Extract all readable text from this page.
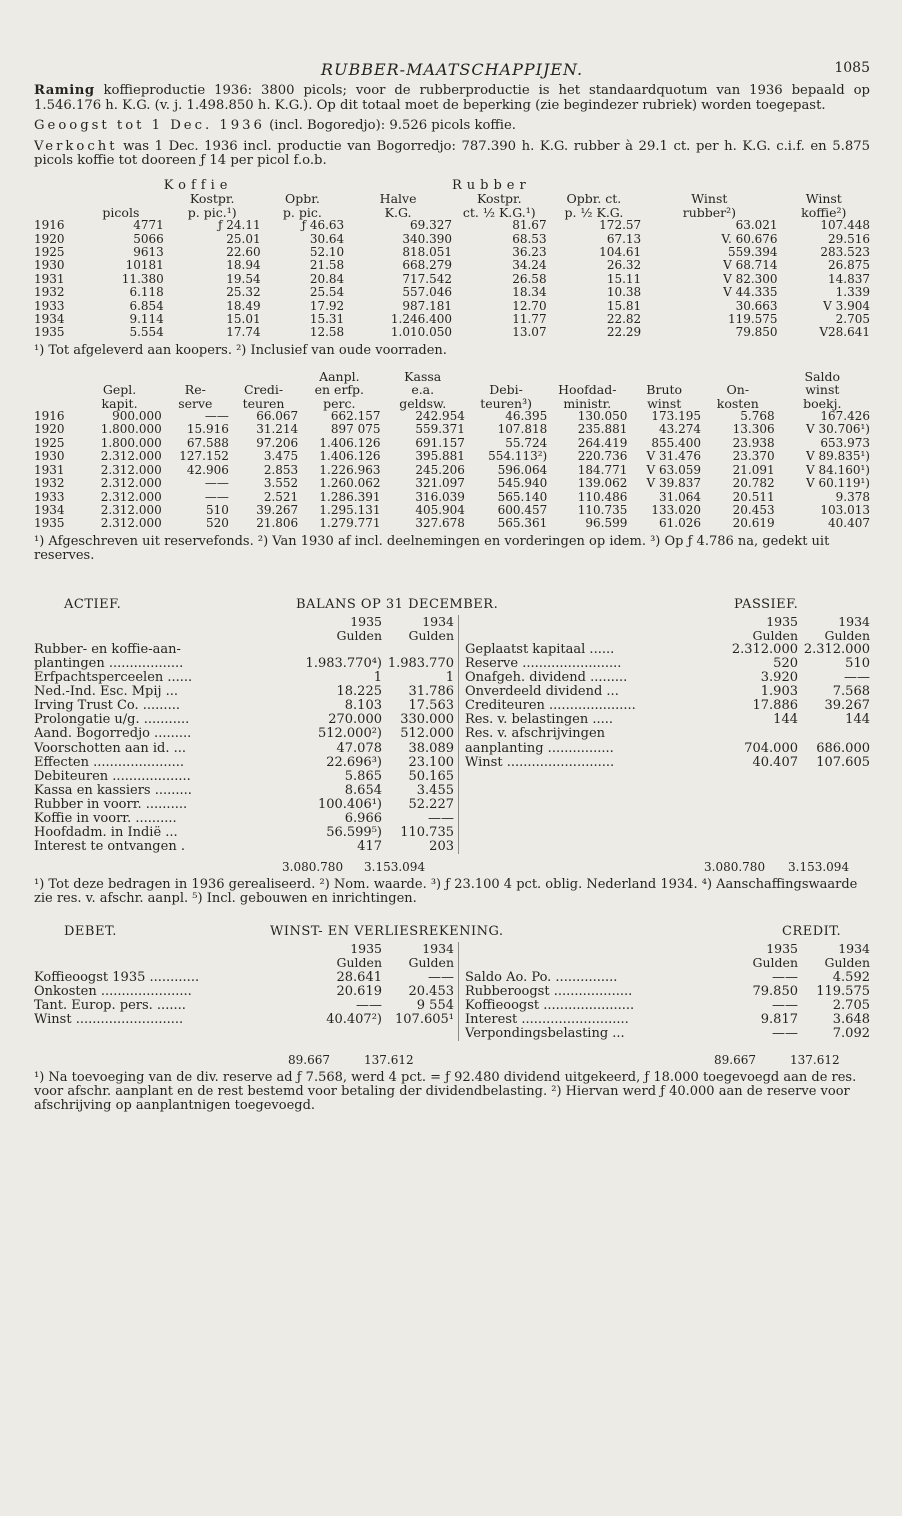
RUBBER-MAATSCHAPPIJEN.	1085

Raming koffieproductie 1936: 3800 picols; voor de rubberproductie is het standaardquotum van 1936 bepaald op 1.546.176 h. K.G. (v. j. 1.498.850 h. K.G.). Op dit totaal moet de beperking (zie begindezer rubriek) worden toegepast.

Geoogst tot 1 Dec. 1936 (incl. Bogoredjo): 9.526 picols koffie.

Verkocht was 1 Dec. 1936 incl. productie van Bogorredjo: 787.390 h. K.G. rubber à 29.1 ct. per h. K.G. c.i.f. en 5.875 picols koffie tot dooreen ƒ 14 per picol f.o.b.

		Koffie			Rubber			
		Kostpr.	Opbr.	Halve	Kostpr.	Opbr. ct.	Winst	Winst
	picols	p. pic.¹)	p. pic.	K.G.	ct. ½ K.G.¹)	p. ½ K.G.	rubber²)	koffie²)
1916	4771	ƒ 24.11	ƒ 46.63	69.327	81.67	172.57	63.021	107.448
1920	5066	25.01	30.64	340.390	68.53	67.13	V. 60.676	29.516
1925	9613	22.60	52.10	818.051	36.23	104.61	559.394	283.523
1930	10181	18.94	21.58	668.279	34.24	26.32	V 68.714	26.875
1931	11.380	19.54	20.84	717.542	26.58	15.11	V 82.300	14.837
1932	6.118	25.32	25.54	557.046	18.34	10.38	V 44.335	1.339
1933	6.854	18.49	17.92	987.181	12.70	15.81	30.663	V 3.904
1934	9.114	15.01	15.31	1.246.400	11.77	22.82	119.575	2.705
1935	5.554	17.74	12.58	1.010.050	13.07	22.29	79.850	V28.641
¹) Tot afgeleverd aan koopers. ²) Inclusief van oude voorraden.
				Aanpl.	Kassa					Saldo
	Gepl.	Re-	Credi-	en erfp.	e.a.	Debi-	Hoofdad-	Bruto	On-	winst
	kapit.	serve	teuren	perc.	geldsw.	teuren³)	ministr.	winst	kosten	boekj.
1916	900.000	——	66.067	662.157	242.954	46.395	130.050	173.195	5.768	167.426
1920	1.800.000	15.916	31.214	897 075	559.371	107.818	235.881	43.274	13.306	V 30.706¹)
1925	1.800.000	67.588	97.206	1.406.126	691.157	55.724	264.419	855.400	23.938	653.973
1930	2.312.000	127.152	3.475	1.406.126	395.881	554.113²)	220.736	V 31.476	23.370	V 89.835¹)
1931	2.312.000	42.906	2.853	1.226.963	245.206	596.064	184.771	V 63.059	21.091	V 84.160¹)
1932	2.312.000	——	3.552	1.260.062	321.097	545.940	139.062	V 39.837	20.782	V 60.119¹)
1933	2.312.000	——	2.521	1.286.391	316.039	565.140	110.486	31.064	20.511	9.378
1934	2.312.000	510	39.267	1.295.131	405.904	600.457	110.735	133.020	20.453	103.013
1935	2.312.000	520	21.806	1.279.771	327.678	565.361	96.599	61.026	20.619	40.407
¹) Afgeschreven uit reservefonds. ²) Van 1930 af incl. deelnemingen en vorderingen op idem. ³) Op ƒ 4.786 na, gedekt uit reserves.
ACTIEF.	BALANS OP 31 DECEMBER.	PASSIEF.
	1935	1934
	Gulden	Gulden
Rubber- en koffie-aan-		
plantingen ..................	1.983.770⁴)	1.983.770
Erfpachtsperceelen ......	1	1
Ned.-Ind. Esc. Mpij ...	18.225	31.786
Irving Trust Co. .........	8.103	17.563
Prolongatie u/g. ...........	270.000	330.000
Aand. Bogorredjo .........	512.000²)	512.000
Voorschotten aan id. ...	47.078	38.089
Effecten ......................	22.696³)	23.100
Debiteuren ...................	5.865	50.165
Kassa en kassiers .........	8.654	3.455
Rubber in voorr. ..........	100.406¹)	52.227
Koffie in voorr. ..........	6.966	——
Hoofdadm. in Indië ...	56.599⁵)	110.735
Interest te ontvangen .	417	203
	1935	1934
	Gulden	Gulden
Geplaatst kapitaal ......	2.312.000	2.312.000
Reserve ........................	520	510
Onafgeh. dividend .........	3.920	——
Onverdeeld dividend ...	1.903	7.568
Crediteuren .....................	17.886	39.267
Res. v. belastingen .....	144	144
Res. v. afschrijvingen		
aanplanting ................	704.000	686.000
Winst ..........................	40.407	107.605
3.080.780 3.153.094	3.080.780 3.153.094
¹) Tot deze bedragen in 1936 gerealiseerd. ²) Nom. waarde. ³) ƒ 23.100 4 pct. oblig. Nederland 1934. ⁴) Aanschaffingswaarde zie res. v. afschr. aanpl. ⁵) Incl. gebouwen en inrichtingen.
DEBET.	WINST- EN VERLIESREKENING.	CREDIT.
	1935	1934
	Gulden	Gulden
Koffieoogst 1935 ............	28.641	——
Onkosten ......................	20.619	20.453
Tant. Europ. pers. .......	——	9 554
Winst ..........................	40.407²)	107.605¹
	1935	1934
	Gulden	Gulden
Saldo Ao. Po. ...............	——	4.592
Rubberoogst ...................	79.850	119.575
Koffieoogst ......................	——	2.705
Interest ..........................	9.817	3.648
Verpondingsbelasting ...	——	7.092
89.667	137.612	89.667	137.612
¹) Na toevoeging van de div. reserve ad ƒ 7.568, werd 4 pct. = ƒ 92.480 dividend uitgekeerd, ƒ 18.000 toegevoegd aan de res. voor afschr. aanplant en de rest bestemd voor betaling der dividendbelasting. ²) Hiervan werd ƒ 40.000 aan de reserve voor afschrijving op aanplantnigen toegevoegd.
